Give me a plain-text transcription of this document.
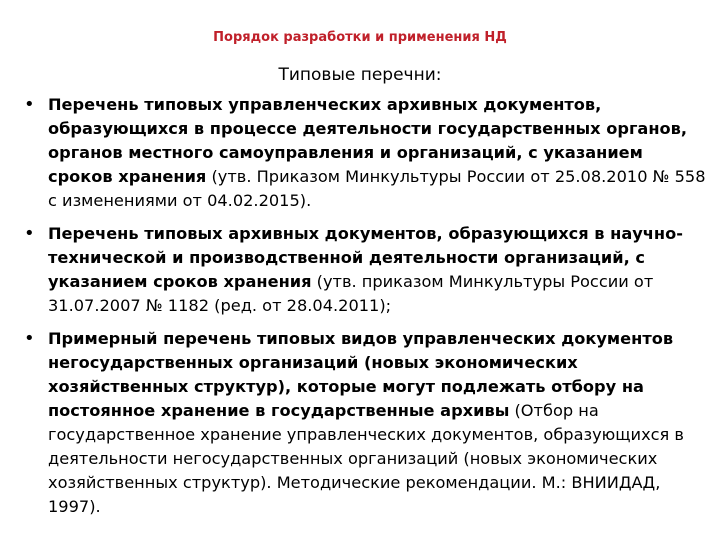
Порядок разработки и применения НД
Типовые перечни:
• Перечень типовых управленческих архивных документов, образующихся в процессе деятельности государственных органов, органов местного самоуправления и организаций, с указанием сроков хранения (утв. Приказом Минкультуры России от 25.08.2010 № 558 с изменениями от 04.02.2015).
• Перечень типовых архивных документов, образующихся в научно-технической и производственной деятельности организаций, с указанием сроков хранения (утв. приказом Минкультуры России от 31.07.2007 № 1182 (ред. от 28.04.2011);
• Примерный перечень типовых видов управленческих документов негосударственных организаций (новых экономических хозяйственных структур), которые могут подлежать отбору на постоянное хранение в государственные архивы (Отбор на государственное хранение управленческих документов, образующихся в деятельности негосударственных организаций (новых экономических хозяйственных структур). Методические рекомендации. М.: ВНИИДАД, 1997).
